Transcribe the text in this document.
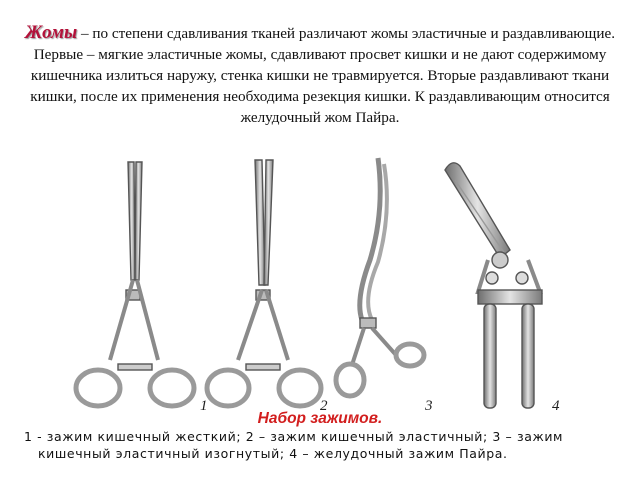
Жомы – по степени сдавливания тканей различают жомы эластичные и раздавливающие. Первые – мягкие эластичные жомы, сдавливают просвет кишки и не дают содержимому кишечника излиться наружу, стенка кишки не травмируется. Вторые раздавливают ткани кишки, после их применения необходима резекция кишки. К раздавливающим относится желудочный жом Пайра.
1	2	3	4
Набор зажимов.
1 - зажим кишечный жесткий; 2 – зажим кишечный эластичный; 3 – зажим
кишечный эластичный изогнутый; 4 – желудочный зажим Пайра.
